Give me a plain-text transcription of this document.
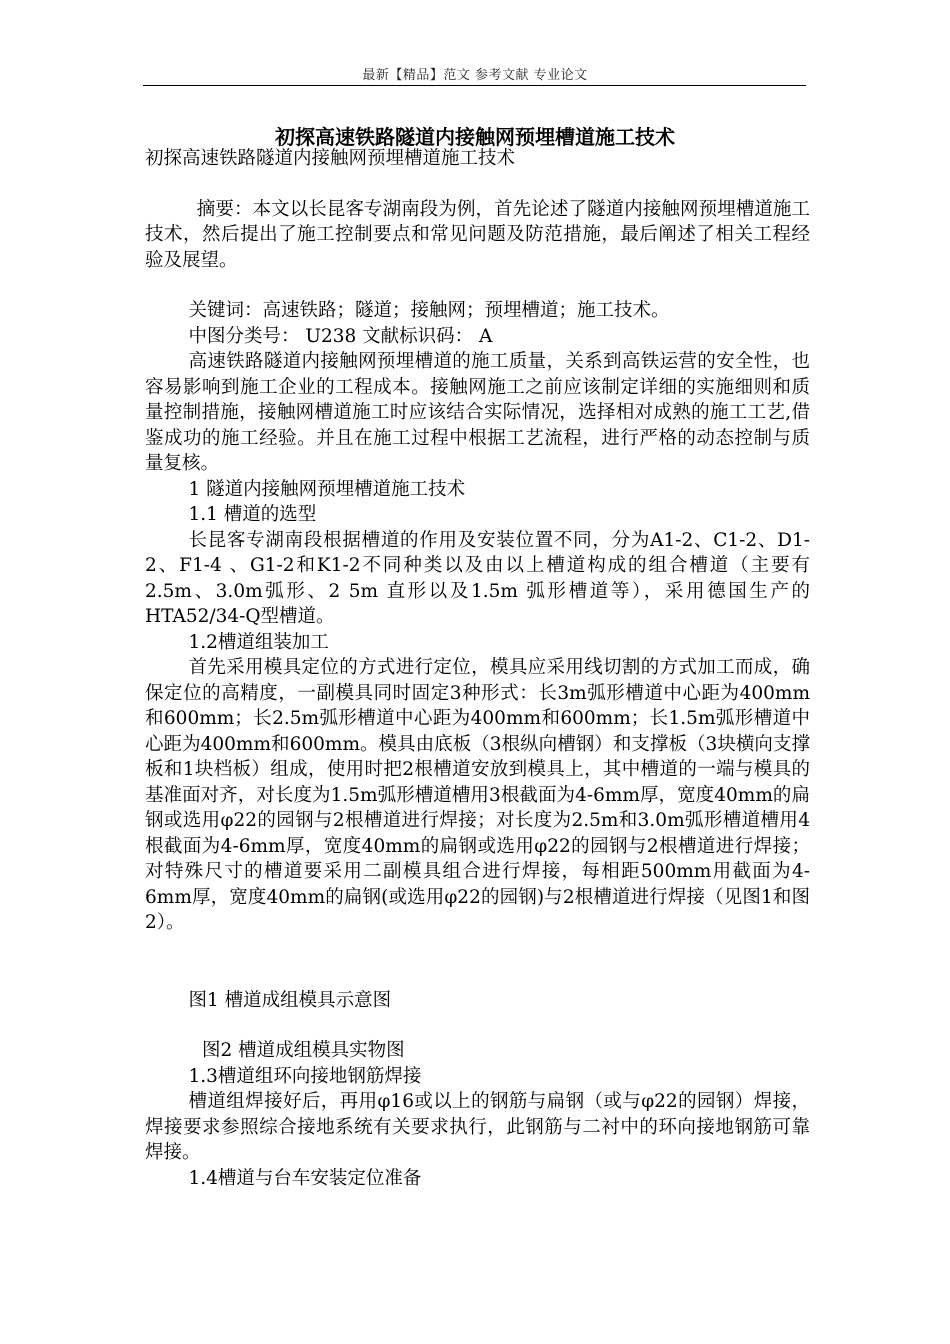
最新【精品】范文 参考文献 专业论文
初探高速铁路隧道内接触网预埋槽道施工技术

初探高速铁路隧道内接触网预埋槽道施工技术

摘要：本文以长昆客专湖南段为例，首先论述了隧道内接触网预埋槽道施工技术，然后提出了施工控制要点和常见问题及防范措施，最后阐述了相关工程经验及展望。

关键词：高速铁路；隧道；接触网；预埋槽道；施工技术。

中图分类号： U238 文献标识码： A

高速铁路隧道内接触网预埋槽道的施工质量，关系到高铁运营的安全性，也容易影响到施工企业的工程成本。接触网施工之前应该制定详细的实施细则和质量控制措施，接触网槽道施工时应该结合实际情况，选择相对成熟的施工工艺,借鉴成功的施工经验。并且在施工过程中根据工艺流程，进行严格的动态控制与质量复核。

1 隧道内接触网预埋槽道施工技术

1.1 槽道的选型

长昆客专湖南段根据槽道的作用及安装位置不同，分为A1-2、C1-2、D1-2、F1-4 、G1-2和K1-2不同种类以及由以上槽道构成的组合槽道（主要有2.5m、3.0m弧形、2 5m 直形以及1.5m 弧形槽道等），采用德国生产的HTA52/34-Q型槽道。

1.2槽道组装加工

首先采用模具定位的方式进行定位，模具应采用线切割的方式加工而成，确保定位的高精度，一副模具同时固定3种形式：长3m弧形槽道中心距为400mm和600mm；长2.5m弧形槽道中心距为400mm和600mm；长1.5m弧形槽道中心距为400mm和600mm。模具由底板（3根纵向槽钢）和支撑板（3块横向支撑板和1块档板）组成，使用时把2根槽道安放到模具上，其中槽道的一端与模具的基准面对齐，对长度为1.5m弧形槽道槽用3根截面为4-6mm厚，宽度40mm的扁钢或选用φ22的园钢与2根槽道进行焊接；对长度为2.5m和3.0m弧形槽道槽用4根截面为4-6mm厚，宽度40mm的扁钢或选用φ22的园钢与2根槽道进行焊接；对特殊尺寸的槽道要采用二副模具组合进行焊接，每相距500mm用截面为4-6mm厚，宽度40mm的扁钢(或选用φ22的园钢)与2根槽道进行焊接（见图1和图2）。

图1 槽道成组模具示意图

图2 槽道成组模具实物图

1.3槽道组环向接地钢筋焊接

槽道组焊接好后，再用φ16或以上的钢筋与扁钢（或与φ22的园钢）焊接，焊接要求参照综合接地系统有关要求执行，此钢筋与二衬中的环向接地钢筋可靠焊接。

1.4槽道与台车安装定位准备
